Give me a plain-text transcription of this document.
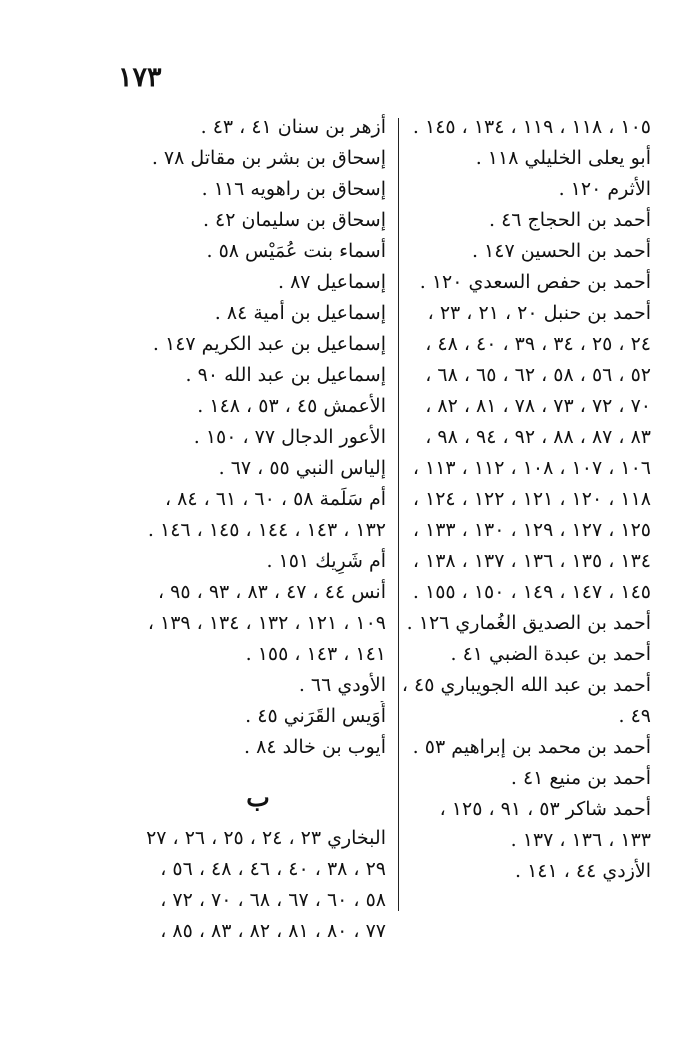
١٧٣
١٠٥ ، ١١٨ ، ١١٩ ، ١٣٤ ، ١٤٥ .
أبو يعلى الخليلي ١١٨ .
الأثرم ١٢٠ .
أحمد بن الحجاج ٤٦ .
أحمد بن الحسين ١٤٧ .
أحمد بن حفص السعدي ١٢٠ .
أحمد بن حنبل ٢٠ ، ٢١ ، ٢٣ ،
٢٤ ، ٢٥ ، ٣٤ ، ٣٩ ، ٤٠ ، ٤٨ ،
٥٢ ، ٥٦ ، ٥٨ ، ٦٢ ، ٦٥ ، ٦٨ ،
٧٠ ، ٧٢ ، ٧٣ ، ٧٨ ، ٨١ ، ٨٢ ،
٨٣ ، ٨٧ ، ٨٨ ، ٩٢ ، ٩٤ ، ٩٨ ،
١٠٦ ، ١٠٧ ، ١٠٨ ، ١١٢ ، ١١٣ ،
١١٨ ، ١٢٠ ، ١٢١ ، ١٢٢ ، ١٢٤ ،
١٢٥ ، ١٢٧ ، ١٢٩ ، ١٣٠ ، ١٣٣ ،
١٣٤ ، ١٣٥ ، ١٣٦ ، ١٣٧ ، ١٣٨ ،
١٤٥ ، ١٤٧ ، ١٤٩ ، ١٥٠ ، ١٥٥ .
أحمد بن الصديق الغُماري ١٢٦ .
أحمد بن عبدة الضبي ٤١ .
أحمد بن عبد الله الجويباري ٤٥ ،
٤٩ .
أحمد بن محمد بن إبراهيم ٥٣ .
أحمد بن منيع ٤١ .
أحمد شاكر ٥٣ ، ٩١ ، ١٢٥ ،
١٣٣ ، ١٣٦ ، ١٣٧ .
الأزدي ٤٤ ، ١٤١ .
أزهر بن سنان ٤١ ، ٤٣ .
إسحاق بن بشر بن مقاتل ٧٨ .
إسحاق بن راهويه ١١٦ .
إسحاق بن سليمان ٤٢ .
أسماء بنت عُمَيْس ٥٨ .
إسماعيل ٨٧ .
إسماعيل بن أمية ٨٤ .
إسماعيل بن عبد الكريم ١٤٧ .
إسماعيل بن عبد الله ٩٠ .
الأعمش ٤٥ ، ٥٣ ، ١٤٨ .
الأعور الدجال ٧٧ ، ١٥٠ .
إلياس النبي ٥٥ ، ٦٧ .
أم سَلَمة ٥٨ ، ٦٠ ، ٦١ ، ٨٤ ،
١٣٢ ، ١٤٣ ، ١٤٤ ، ١٤٥ ، ١٤٦ .
أم شَرِيك ١٥١ .
أنس ٤٤ ، ٤٧ ، ٨٣ ، ٩٣ ، ٩٥ ،
١٠٩ ، ١٢١ ، ١٣٢ ، ١٣٤ ، ١٣٩ ،
١٤١ ، ١٤٣ ، ١٥٥ .
الأودي ٦٦ .
أُوَيس القَرَني ٤٥ .
أيوب بن خالد ٨٤ .
ب
البخاري ٢٣ ، ٢٤ ، ٢٥ ، ٢٦ ، ٢٧
٢٩ ، ٣٨ ، ٤٠ ، ٤٦ ، ٤٨ ، ٥٦ ،
٥٨ ، ٦٠ ، ٦٧ ، ٦٨ ، ٧٠ ، ٧٢ ،
٧٧ ، ٨٠ ، ٨١ ، ٨٢ ، ٨٣ ، ٨٥ ،
